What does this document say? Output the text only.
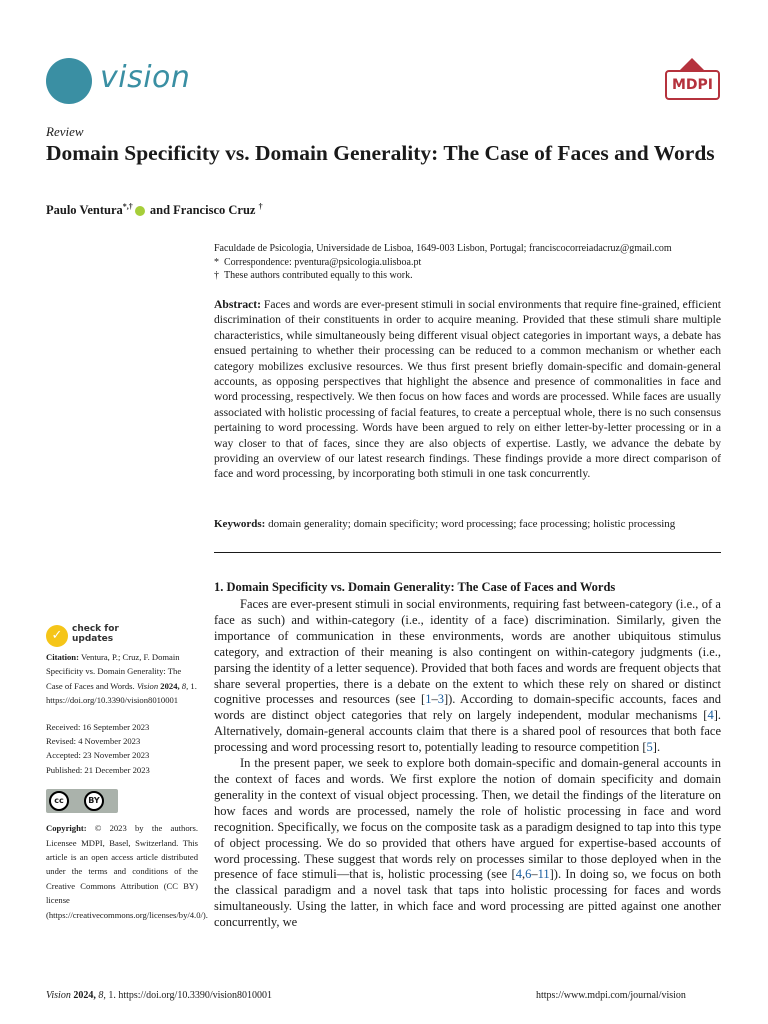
vision	MDPI
Review
Domain Specificity vs. Domain Generality: The Case of Faces and Words
Paulo Ventura*,† and Francisco Cruz †
Faculdade de Psicologia, Universidade de Lisboa, 1649-003 Lisbon, Portugal; franciscocorreiadacruz@gmail.com
* Correspondence: pventura@psicologia.ulisboa.pt
† These authors contributed equally to this work.
Abstract: Faces and words are ever-present stimuli in social environments that require fine-grained, efficient discrimination of their constituents in order to acquire meaning. Provided that these stimuli share multiple characteristics, while simultaneously being different visual object categories in important ways, a debate has ensued pertaining to whether their processing can be reduced to a common mechanism or whether each category mobilizes exclusive resources. We thus first present briefly domain-specific and domain-general accounts, as opposing perspectives that highlight the absence and presence of commonalities in face and word processing, respectively. We then focus on how faces and words are processed. While faces are usually associated with holistic processing of facial features, to create a perceptual whole, there is no such consensus pertaining to word processing. Words have been argued to rely on either letter-by-letter processing or in a way closer to that of faces, since they are also objects of expertise. Lastly, we advance the debate by providing an overview of our latest research findings. These findings provide a more direct comparison of face and word processing, by incorporating both stimuli in one task concurrently.
Keywords: domain generality; domain specificity; word processing; face processing; holistic processing
1. Domain Specificity vs. Domain Generality: The Case of Faces and Words

Faces are ever-present stimuli in social environments, requiring fast between-category (i.e., of a face as such) and within-category (i.e., identity of a face) discrimination. Similarly, given the importance of communication in these environments, words are another ubiquitous stimulus category, and extraction of their meaning is also contingent on within-category judgments (i.e., parsing the identity of a letter sequence). Provided that both faces and words are frequent objects that share several properties, there is a debate on the extent to which these rely on shared or distinct cognitive processes and resources (see [1–3]). According to domain-specific accounts, faces and words are distinct object categories that rely on largely independent, modular mechanisms [4]. Alternatively, domain-general accounts claim that there is a shared pool of resources that both face processing and word processing resort to, potentially leading to resource competition [5].

In the present paper, we seek to explore both domain-specific and domain-general accounts in the context of faces and words. We first explore the notion of domain specificity and domain generality in the context of visual object processing. Then, we detail the findings of the literature on how faces and words are processed, namely the role of holistic processing in face and word recognition. Specifically, we focus on the composite task as a paradigm designed to tap into this type of object processing. We do so provided that others have argued for expertise-based accounts of word processing. These suggest that words rely on processes similar to those deployed when in the presence of face stimuli—that is, holistic processing (see [4,6–11]). In doing so, we focus on both the classical paradigm and a novel task that taps into holistic processing for faces and words simultaneously. Using the latter, in which face and word processing are pitted against one another concurrently, we

✓	check for
updates

Citation: Ventura, P.; Cruz, F. Domain Specificity vs. Domain Generality: The Case of Faces and Words. Vision 2024, 8, 1. https://doi.org/10.3390/vision8010001

Received: 16 September 2023
Revised: 4 November 2023
Accepted: 23 November 2023
Published: 21 December 2023

cc	BY

Copyright: © 2023 by the authors. Licensee MDPI, Basel, Switzerland. This article is an open access article distributed under the terms and conditions of the Creative Commons Attribution (CC BY) license (https://creativecommons.org/licenses/by/4.0/).

Vision 2024, 8, 1. https://doi.org/10.3390/vision8010001	https://www.mdpi.com/journal/vision
